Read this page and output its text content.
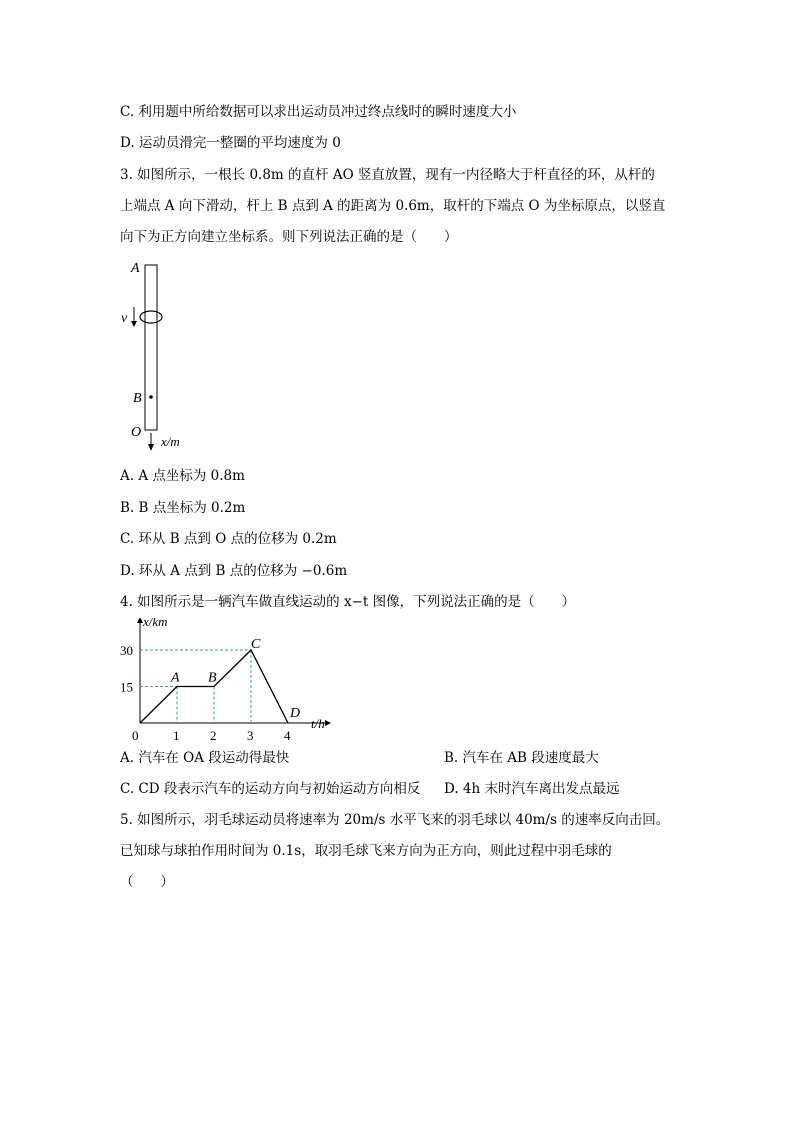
C. 利用题中所给数据可以求出运动员冲过终点线时的瞬时速度大小
D. 运动员滑完一整圈的平均速度为 0
3. 如图所示，一根长 0.8m 的直杆 AO 竖直放置，现有一内径略大于杆直径的环，从杆的
上端点 A 向下滑动，杆上 B 点到 A 的距离为 0.6m，取杆的下端点 O 为坐标原点，以竖直
向下为正方向建立坐标系。则下列说法正确的是（　　）
A
v
B
O
x/m
A. A 点坐标为 0.8m
B. B 点坐标为 0.2m
C. 环从 B 点到 O 点的位移为 0.2m
D. 环从 A 点到 B 点的位移为 −0.6m
4. 如图所示是一辆汽车做直线运动的 x−t 图像，下列说法正确的是（　　）
x/km
t/h
0	1 2 3 4
15
30
A B
C
D
A. 汽车在 OA 段运动得最快	B. 汽车在 AB 段速度最大
C. CD 段表示汽车的运动方向与初始运动方向相反 D. 4h 末时汽车离出发点最远
5. 如图所示，羽毛球运动员将速率为 20m/s 水平飞来的羽毛球以 40m/s 的速率反向击回。
已知球与球拍作用时间为 0.1s，取羽毛球飞来方向为正方向，则此过程中羽毛球的
（　　）
